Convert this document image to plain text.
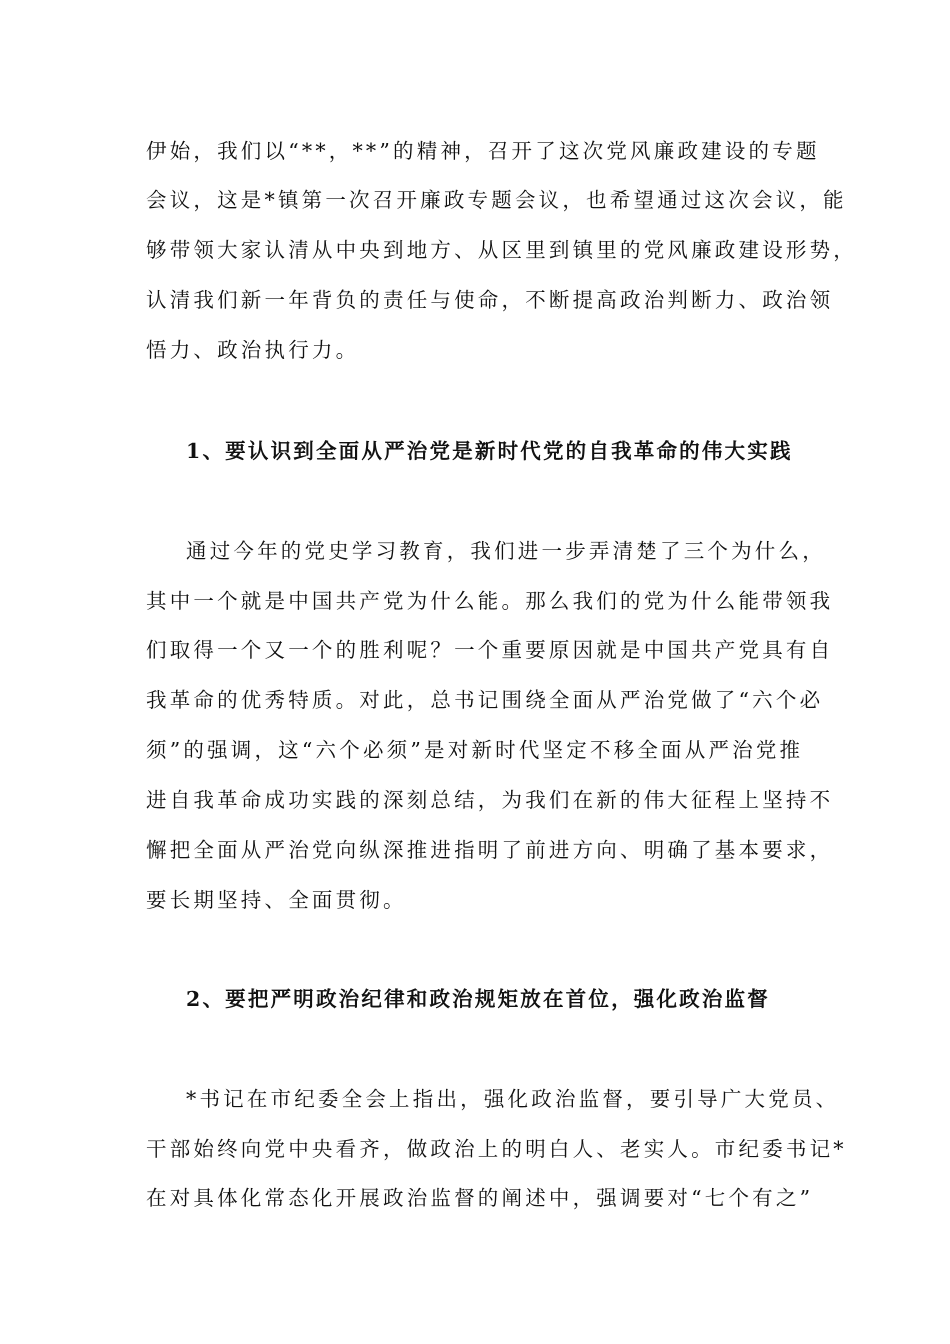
伊始，我们以“**，**”的精神，召开了这次党风廉政建设的专题
会议，这是*镇第一次召开廉政专题会议，也希望通过这次会议，能
够带领大家认清从中央到地方、从区里到镇里的党风廉政建设形势，
认清我们新一年背负的责任与使命，不断提高政治判断力、政治领
悟力、政治执行力。
1、要认识到全面从严治党是新时代党的自我革命的伟大实践
通过今年的党史学习教育，我们进一步弄清楚了三个为什么，
其中一个就是中国共产党为什么能。那么我们的党为什么能带领我
们取得一个又一个的胜利呢？一个重要原因就是中国共产党具有自
我革命的优秀特质。对此，总书记围绕全面从严治党做了“六个必
须”的强调，这“六个必须”是对新时代坚定不移全面从严治党推
进自我革命成功实践的深刻总结，为我们在新的伟大征程上坚持不
懈把全面从严治党向纵深推进指明了前进方向、明确了基本要求，
要长期坚持、全面贯彻。
2、要把严明政治纪律和政治规矩放在首位，强化政治监督
*书记在市纪委全会上指出，强化政治监督，要引导广大党员、
干部始终向党中央看齐，做政治上的明白人、老实人。市纪委书记*
在对具体化常态化开展政治监督的阐述中，强调要对“七个有之”
